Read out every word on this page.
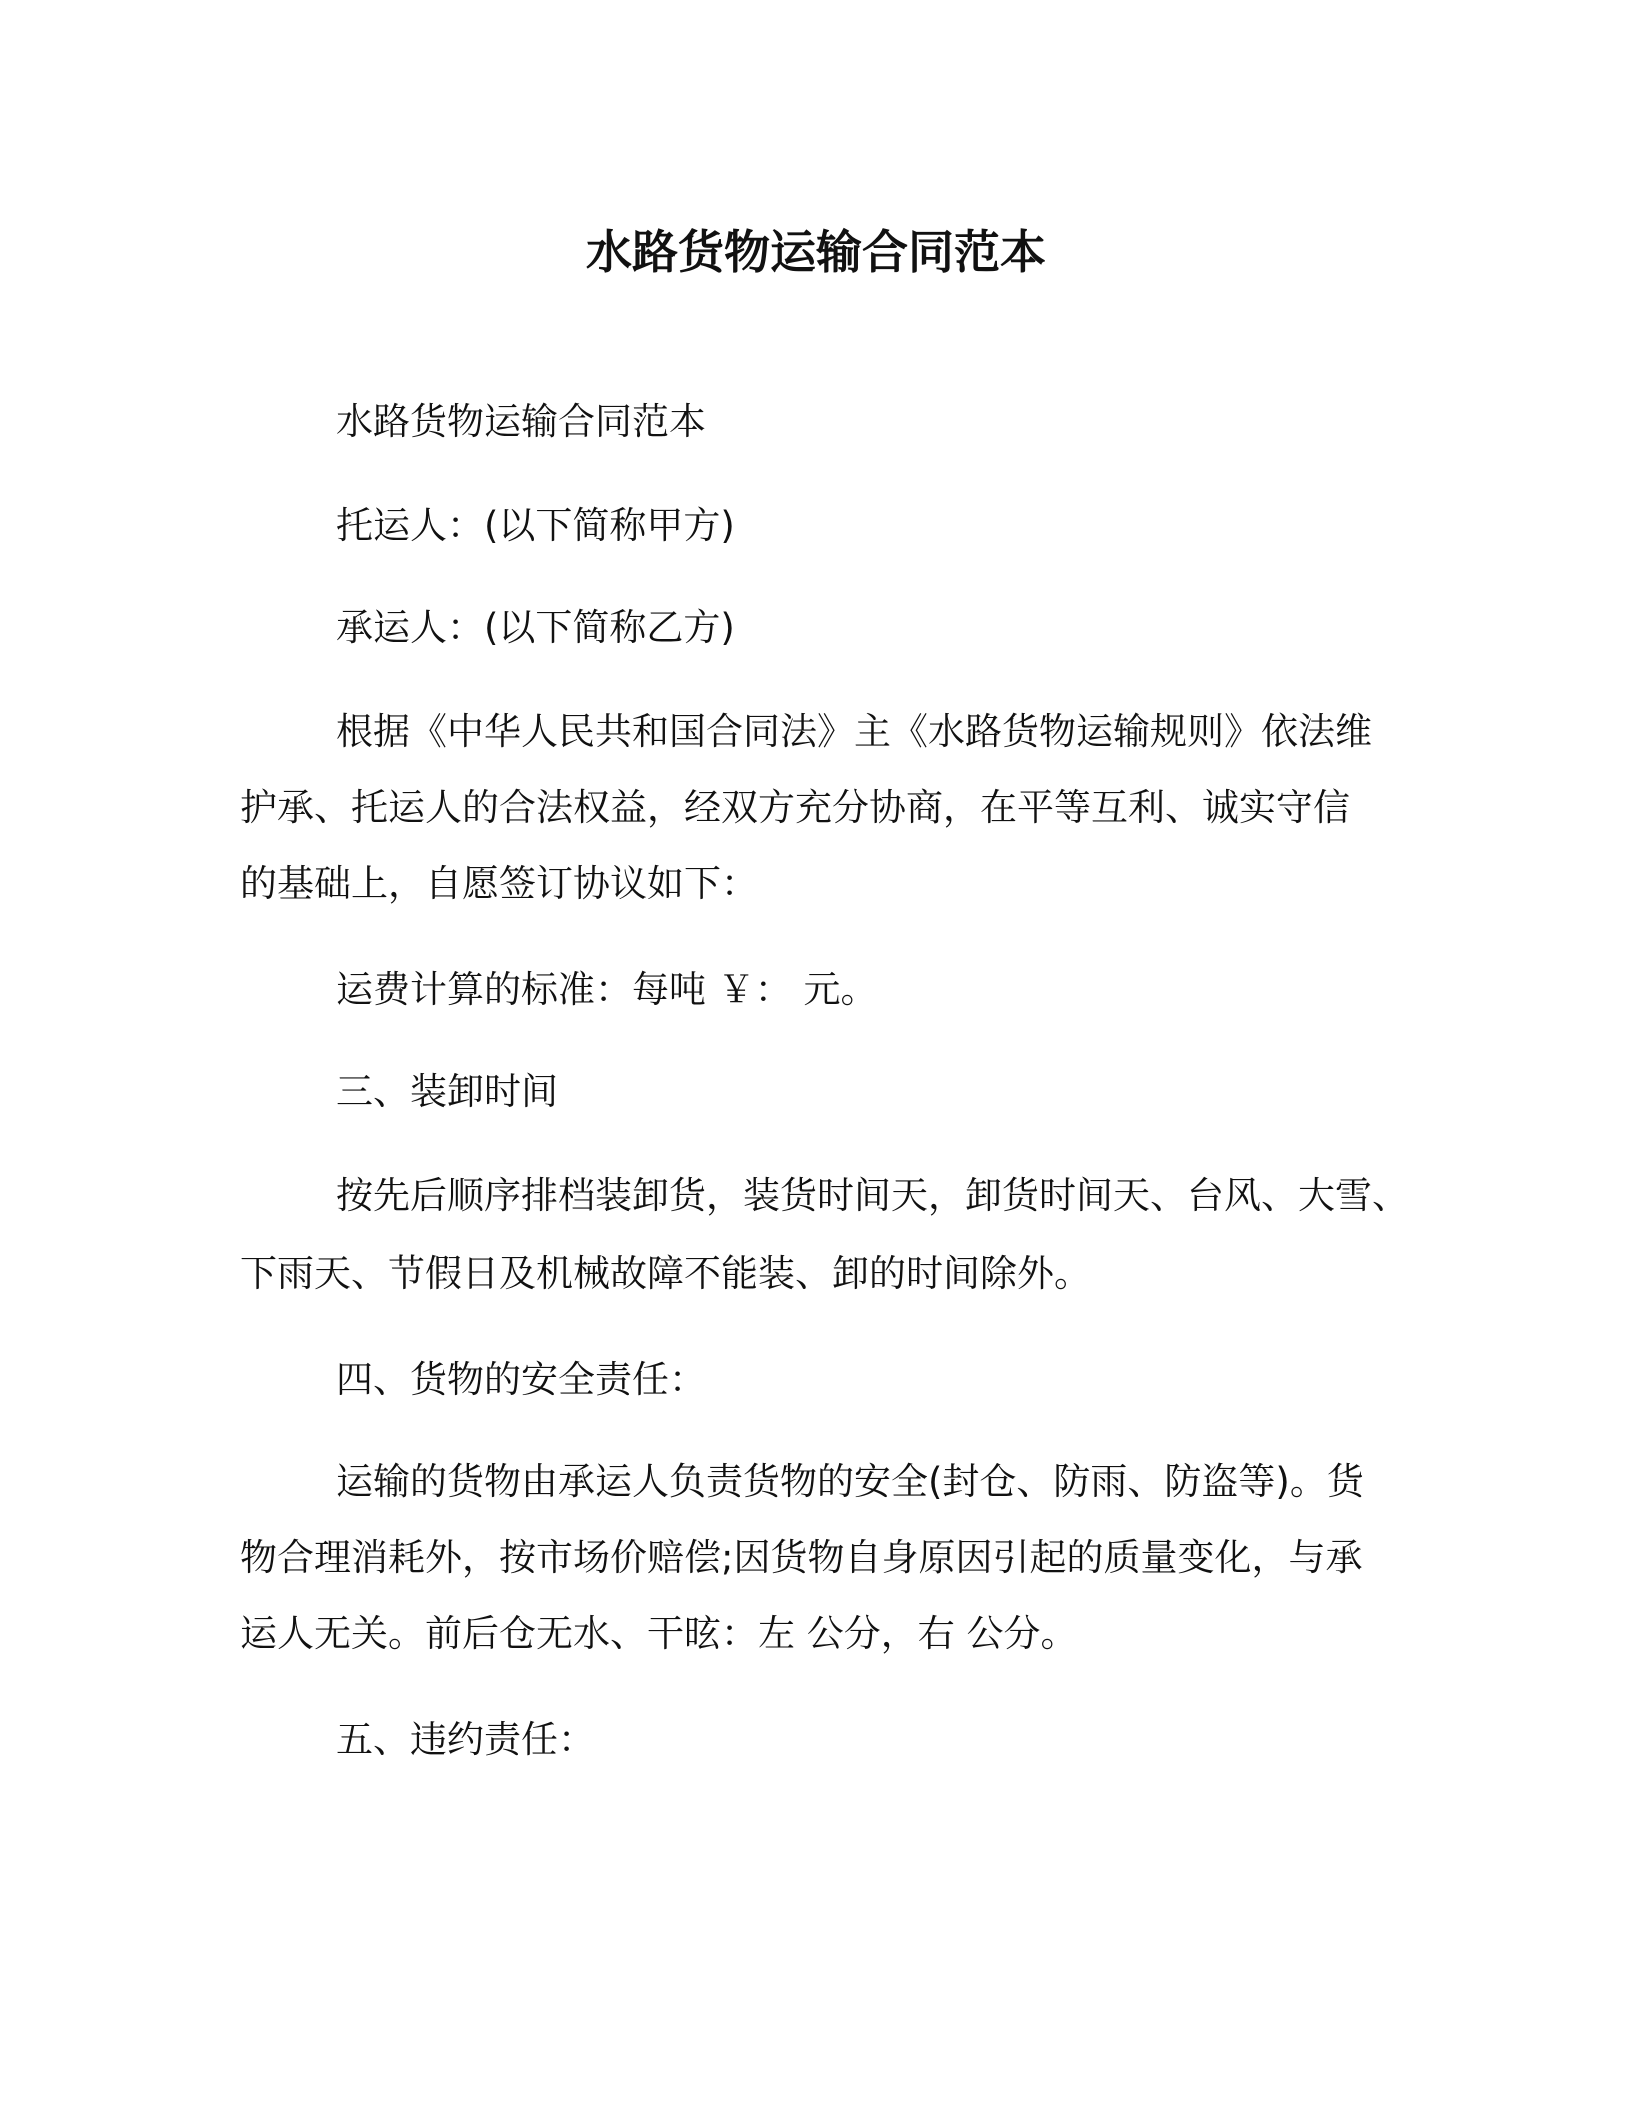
水路货物运输合同范本
水路货物运输合同范本
托运人：(以下简称甲方)
承运人：(以下简称乙方)
根据《中华人民共和国合同法》主《水路货物运输规则》依法维
护承、托运人的合法权益，经双方充分协商，在平等互利、诚实守信
的基础上，自愿签订协议如下：
运费计算的标准：每吨 ￥： 元。
三、装卸时间
按先后顺序排档装卸货，装货时间天，卸货时间天、台风、大雪、
下雨天、节假日及机械故障不能装、卸的时间除外。
四、货物的安全责任：
运输的货物由承运人负责货物的安全(封仓、防雨、防盗等)。货
物合理消耗外，按市场价赔偿;因货物自身原因引起的质量变化，与承
运人无关。前后仓无水、干昡：左 公分，右 公分。
五、违约责任：
